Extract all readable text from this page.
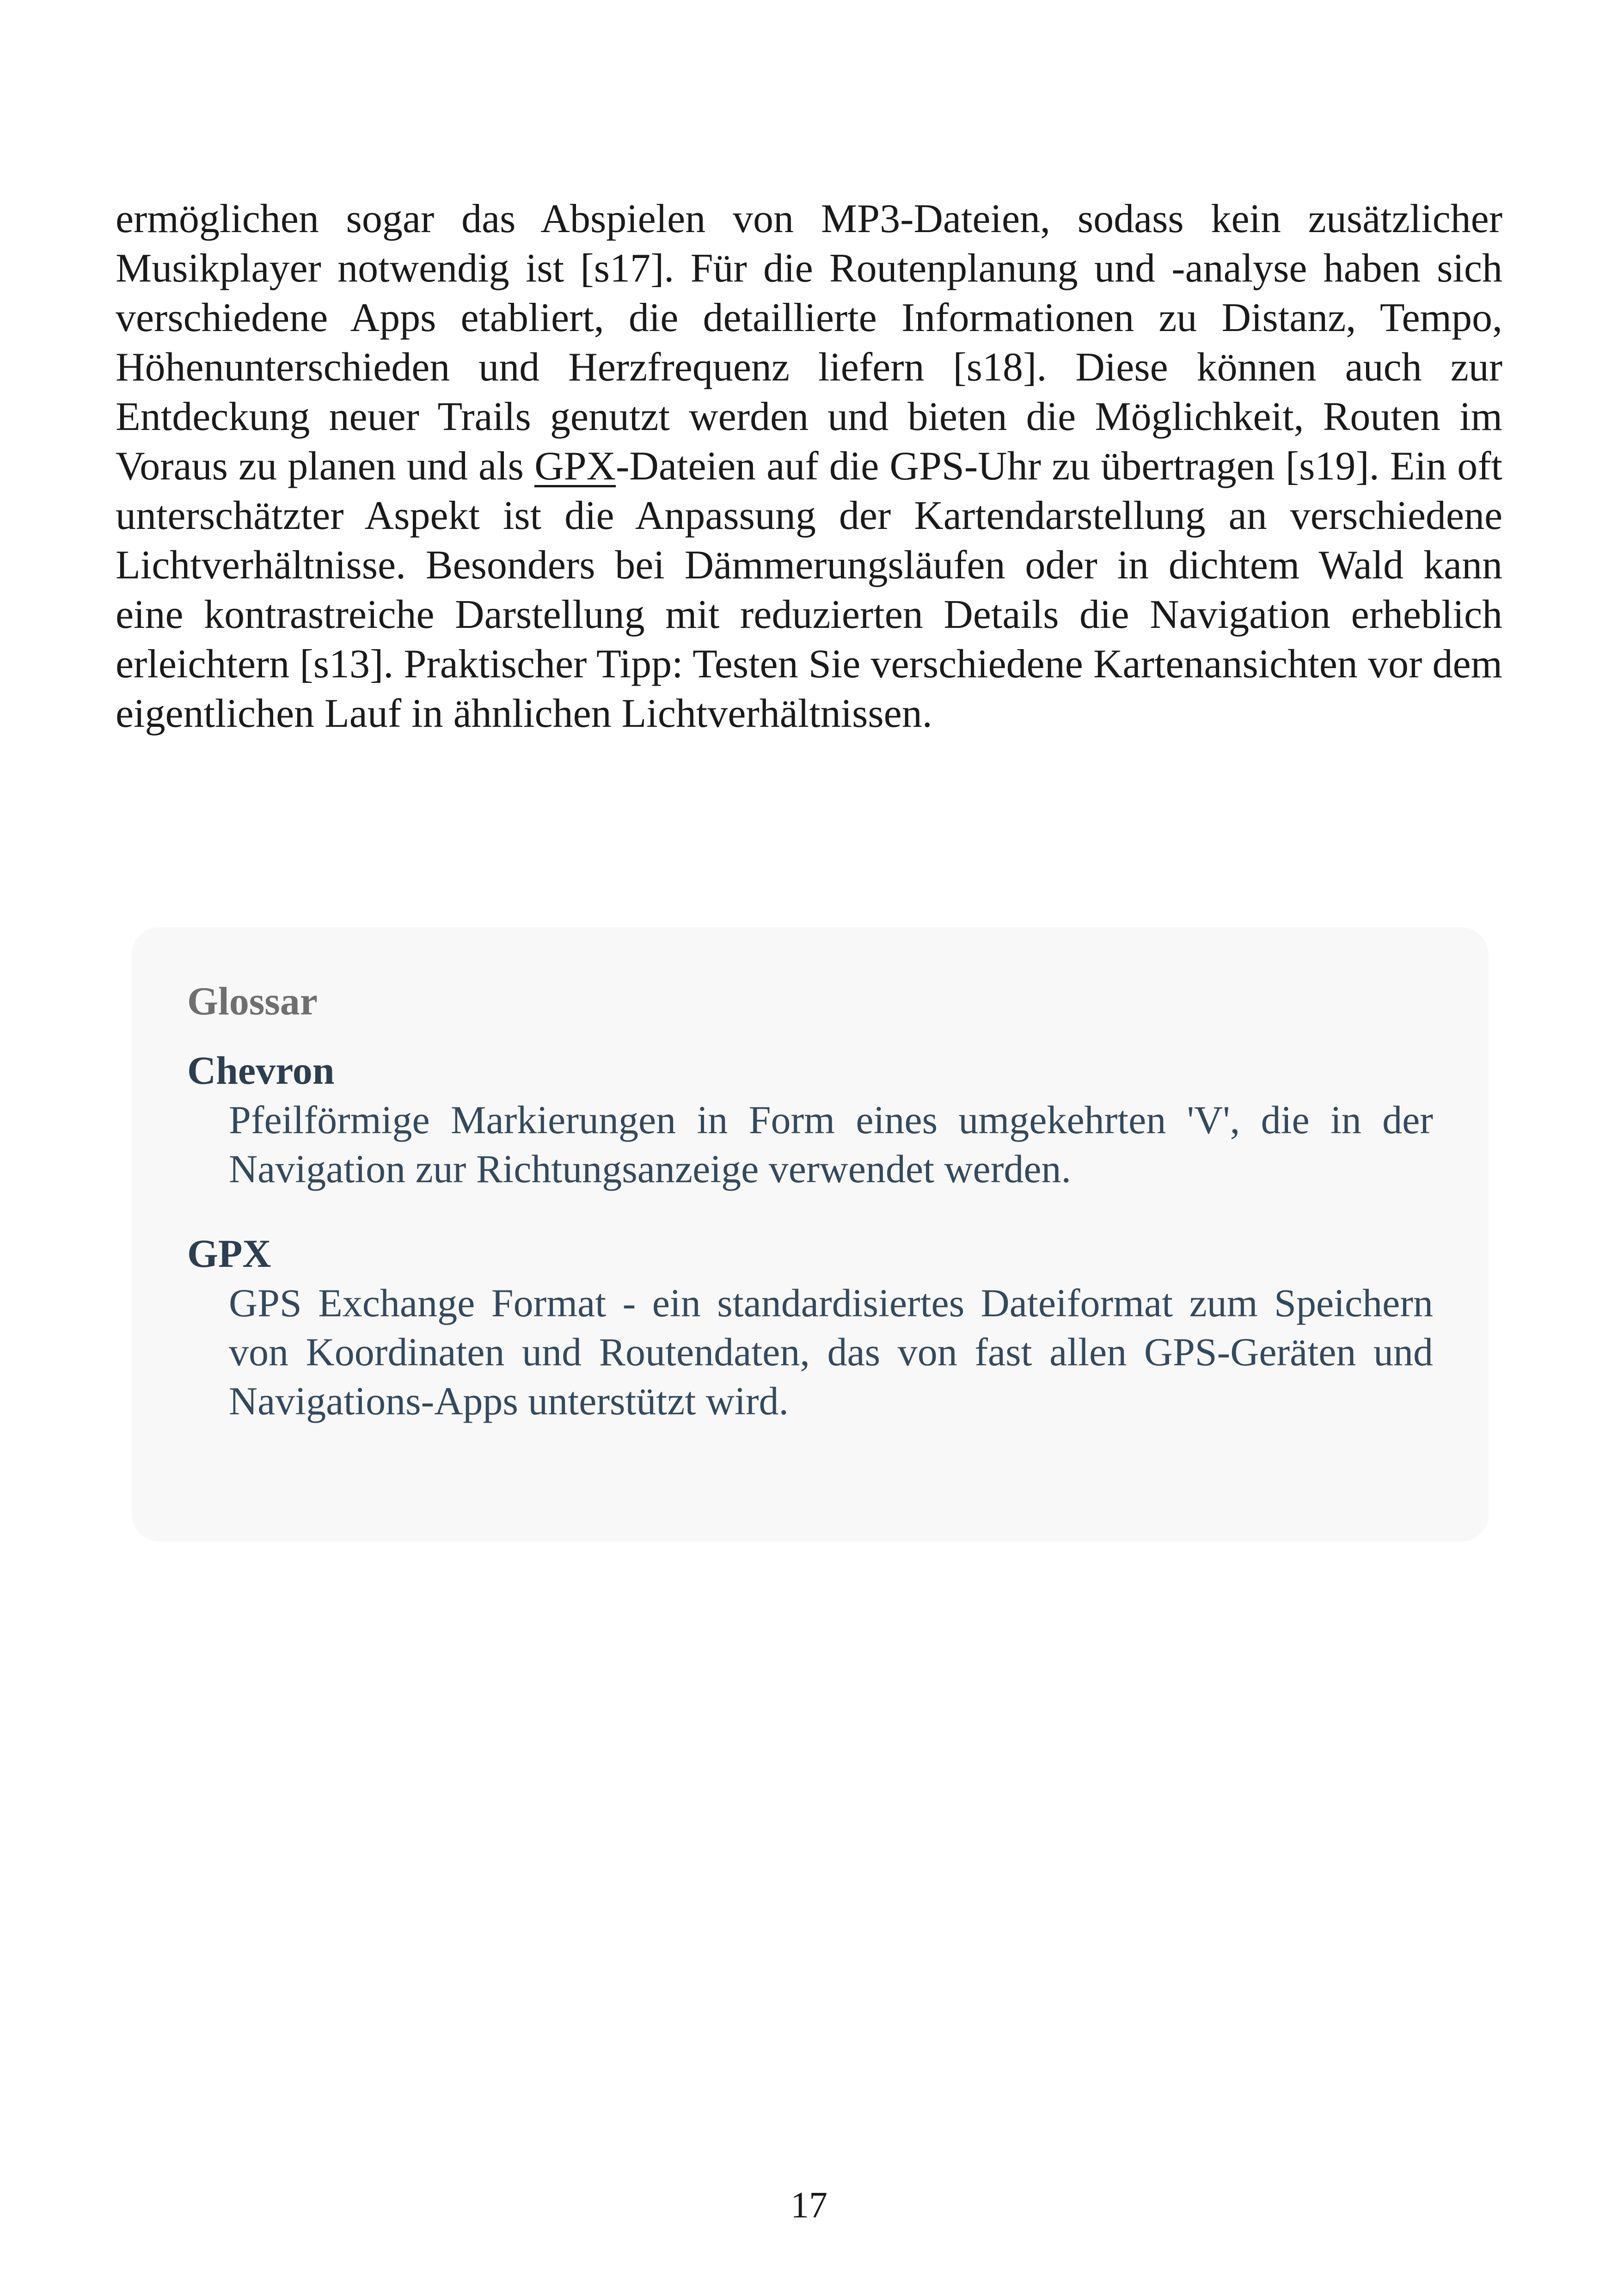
ermöglichen sogar das Abspielen von MP3-Dateien, sodass kein zusätzlicher Musikplayer notwendig ist [s17]. Für die Routenplanung und -analyse haben sich verschiedene Apps etabliert, die detaillierte Informationen zu Distanz, Tempo, Höhenunterschieden und Herzfrequenz liefern [s18]. Diese können auch zur Entdeckung neuer Trails genutzt werden und bieten die Möglichkeit, Routen im Voraus zu planen und als GPX-Dateien auf die GPS-Uhr zu übertragen [s19]. Ein oft unterschätzter Aspekt ist die Anpassung der Kartendarstellung an verschiedene Lichtverhältnisse. Besonders bei Dämmerungsläufen oder in dichtem Wald kann eine kontrastreiche Darstellung mit reduzierten Details die Navigation erheblich erleichtern [s13]. Praktischer Tipp: Testen Sie verschiedene Kartenansichten vor dem eigentlichen Lauf in ähnlichen Lichtverhältnissen.

Glossar
Chevron
Pfeilförmige Markierungen in Form eines umgekehrten 'V', die in der Navigation zur Richtungsanzeige verwendet werden.
GPX
GPS Exchange Format - ein standardisiertes Dateiformat zum Speichern von Koordinaten und Routendaten, das von fast allen GPS-Geräten und Navigations-Apps unterstützt wird.
17
